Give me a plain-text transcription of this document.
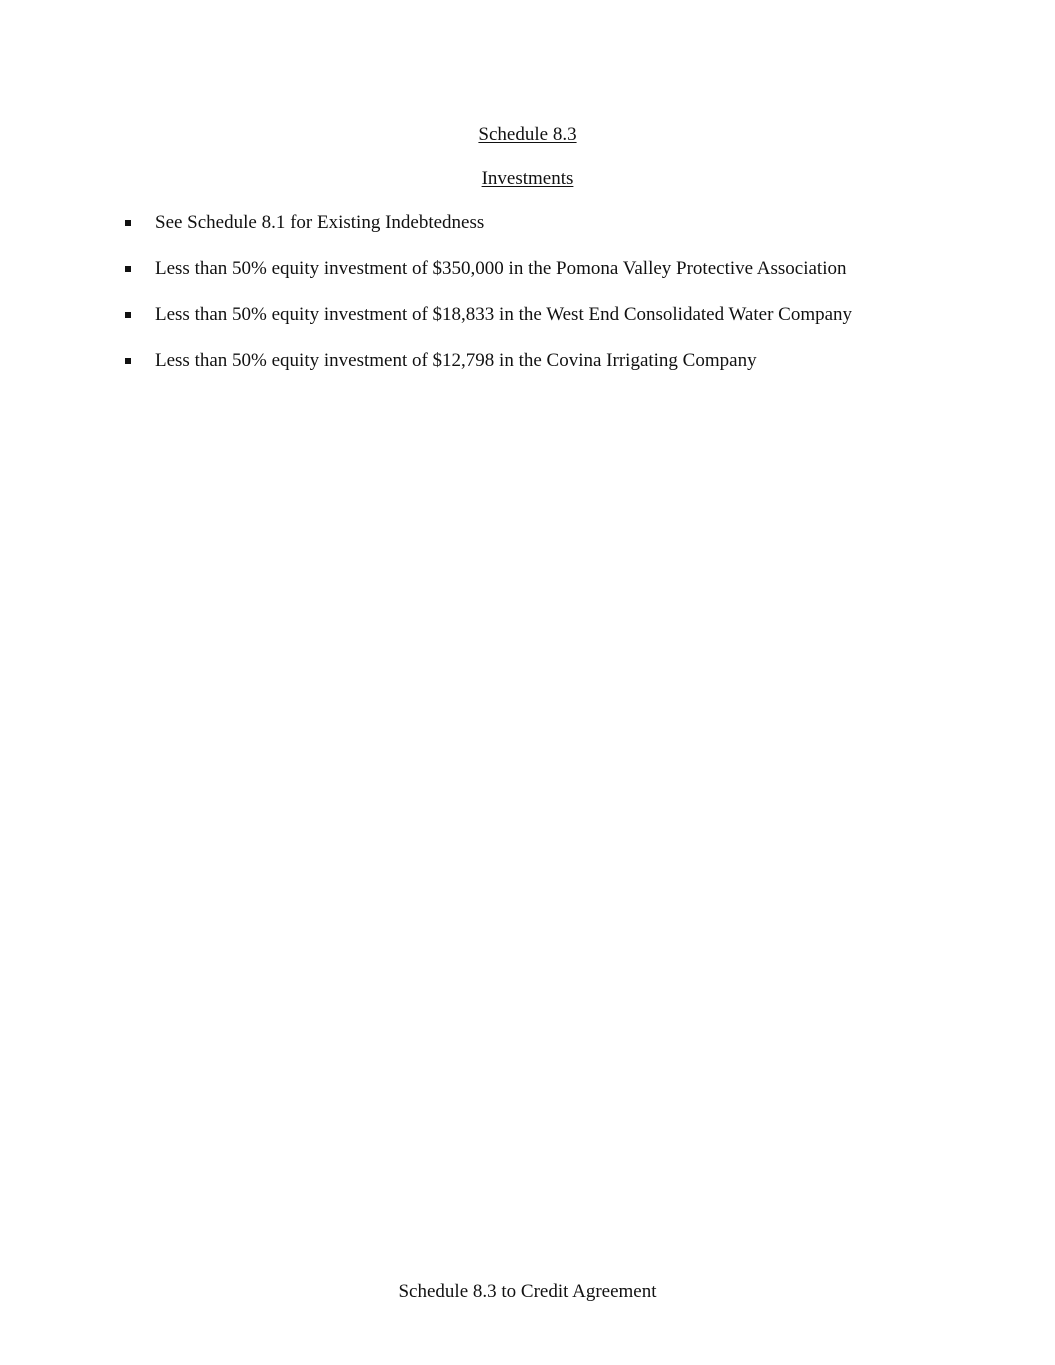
Schedule 8.3
Investments
See Schedule 8.1 for Existing Indebtedness
Less than 50% equity investment of $350,000 in the Pomona Valley Protective Association
Less than 50% equity investment of $18,833 in the West End Consolidated Water Company
Less than 50% equity investment of $12,798 in the Covina Irrigating Company
Schedule 8.3 to Credit Agreement
